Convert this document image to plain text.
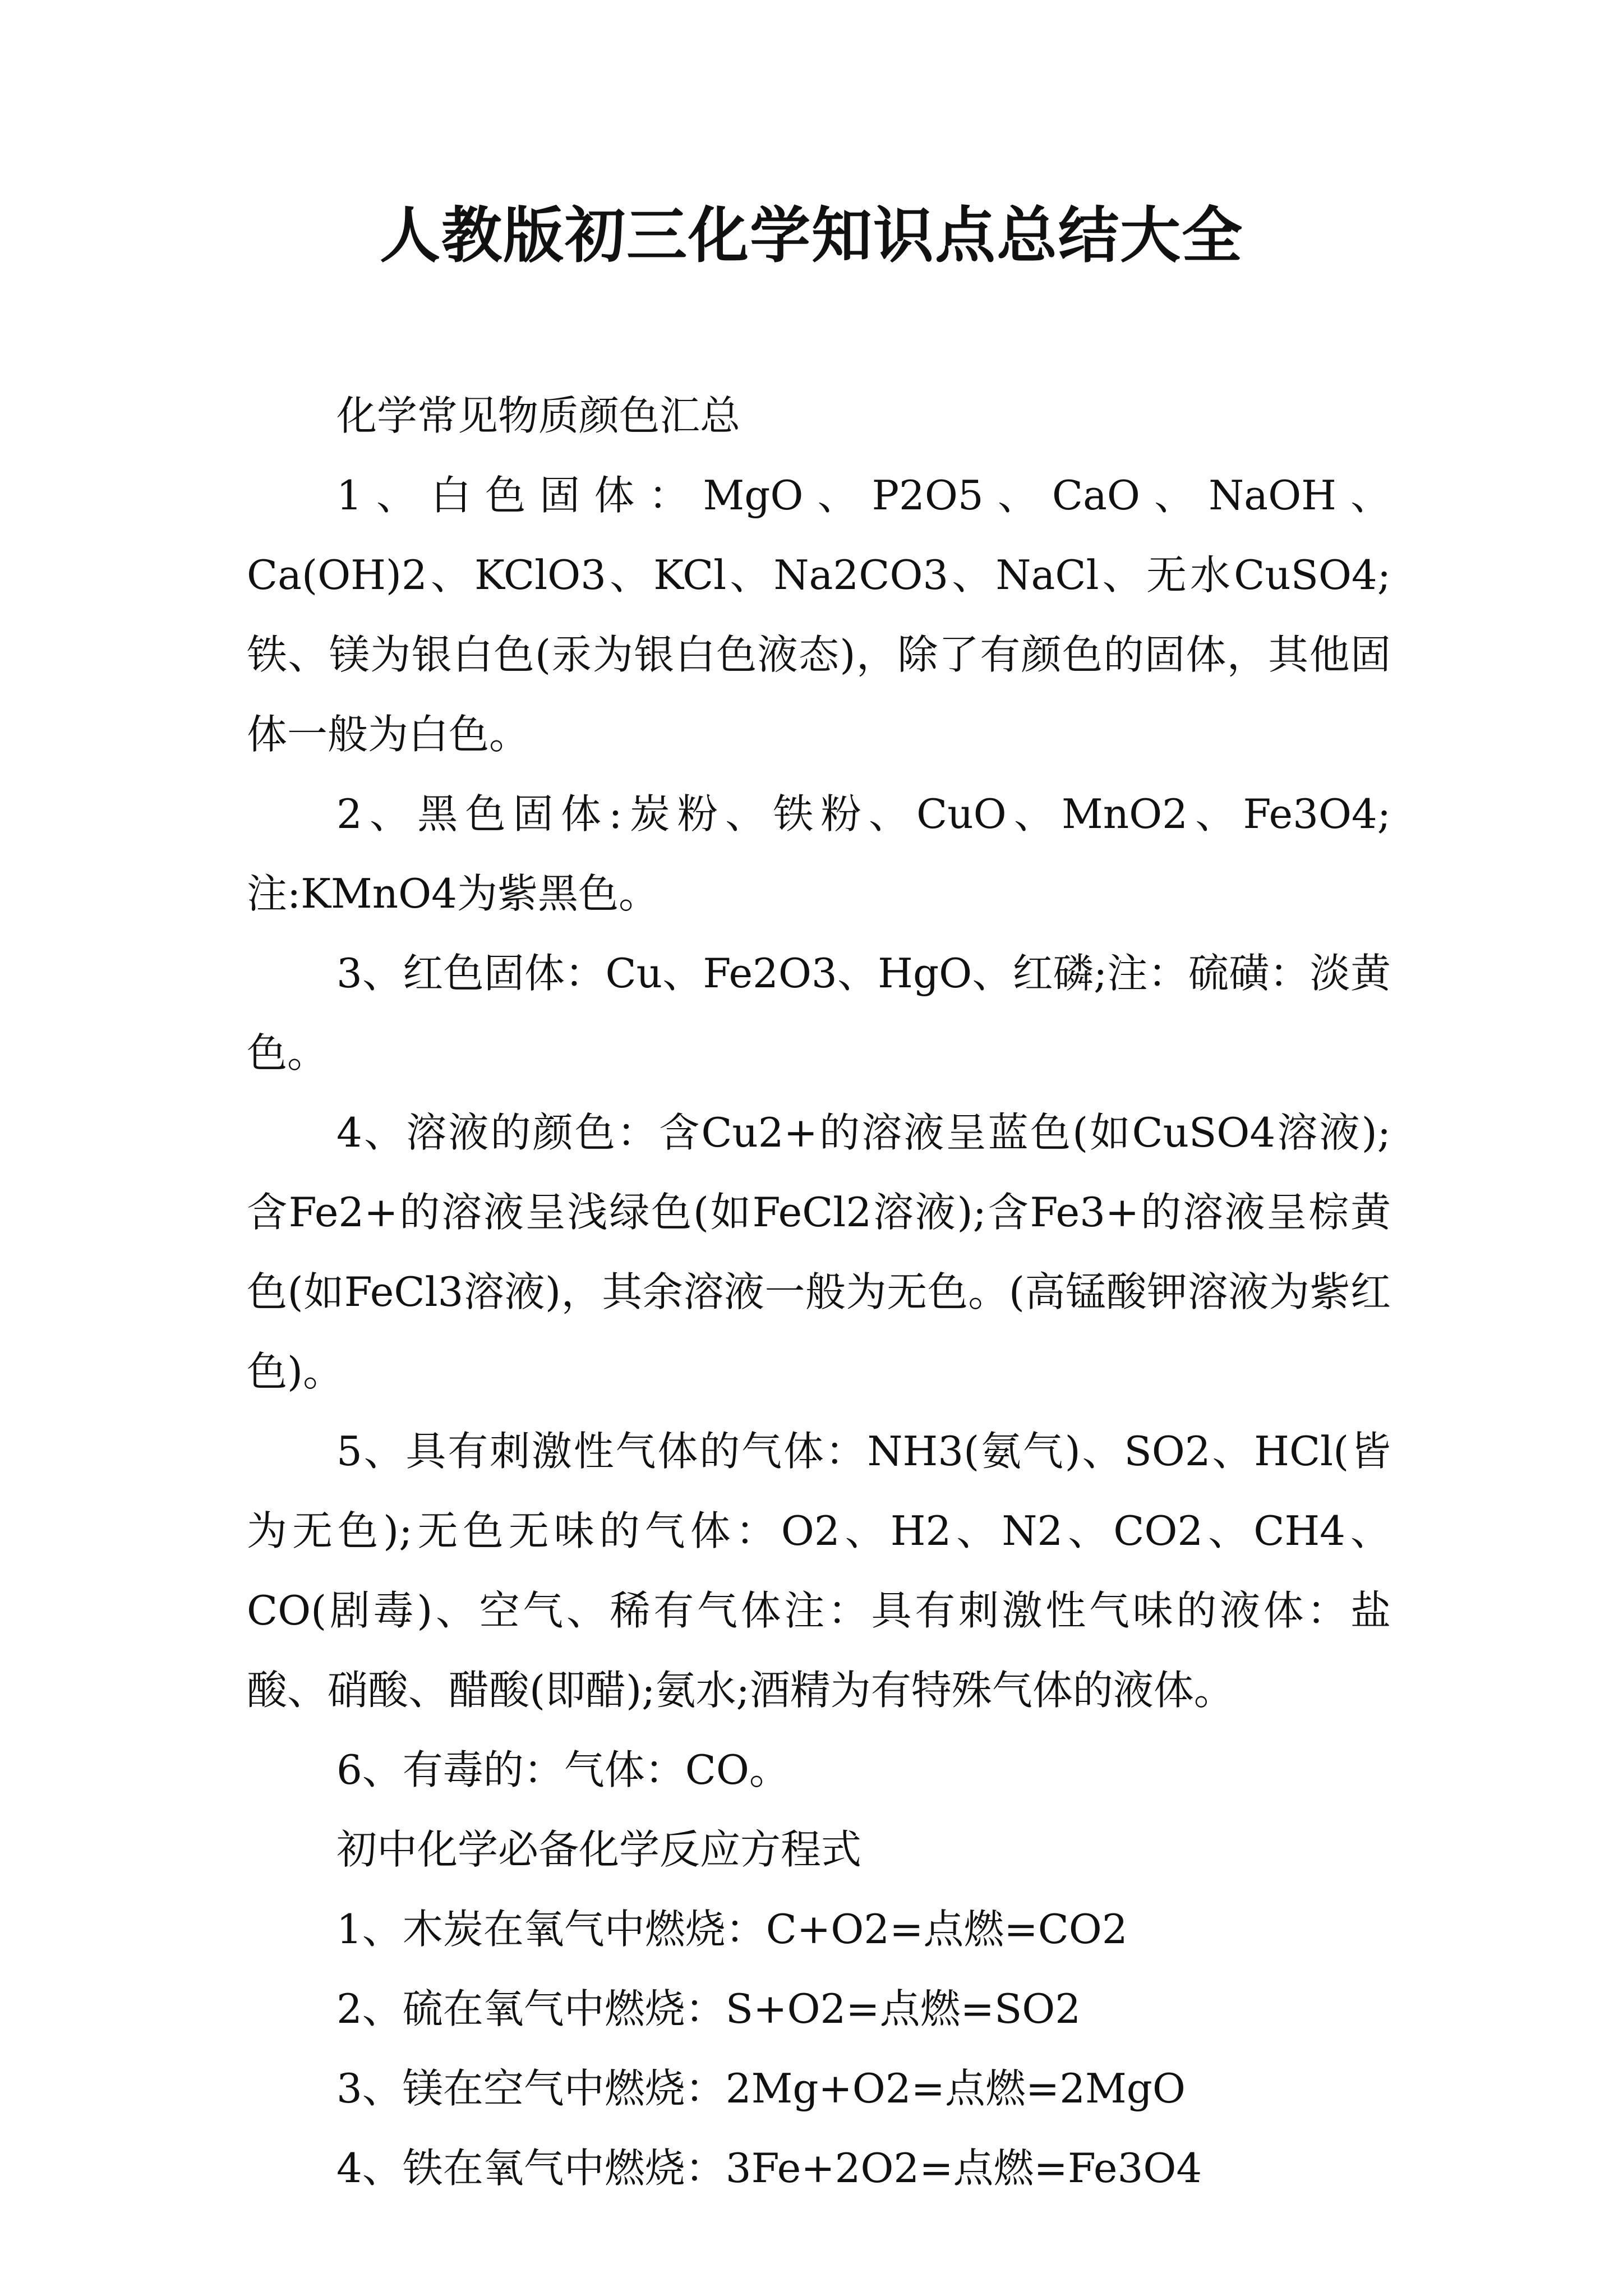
人教版初三化学知识点总结大全

化学常见物质颜色汇总

1、白色固体：MgO、P2O5、CaO、NaOH、Ca(OH)2、KClO3、KCl、Na2CO3、NaCl、无水CuSO4;铁、镁为银白色(汞为银白色液态)，除了有颜色的固体，其他固体一般为白色。

2、黑色固体:炭粉、铁粉、CuO、MnO2、Fe3O4;注:KMnO4为紫黑色。

3、红色固体：Cu、Fe2O3、HgO、红磷;注：硫磺：淡黄色。

4、溶液的颜色：含Cu2+的溶液呈蓝色(如CuSO4溶液);含Fe2+的溶液呈浅绿色(如FeCl2溶液);含Fe3+的溶液呈棕黄色(如FeCl3溶液)，其余溶液一般为无色。(高锰酸钾溶液为紫红色)。

5、具有刺激性气体的气体：NH3(氨气)、SO2、HCl(皆为无色);无色无味的气体：O2、H2、N2、CO2、CH4、CO(剧毒)、空气、稀有气体注：具有刺激性气味的液体：盐酸、硝酸、醋酸(即醋);氨水;酒精为有特殊气体的液体。

6、有毒的：气体：CO。

初中化学必备化学反应方程式

1、木炭在氧气中燃烧：C+O2=点燃=CO2

2、硫在氧气中燃烧：S+O2=点燃=SO2

3、镁在空气中燃烧：2Mg+O2=点燃=2MgO

4、铁在氧气中燃烧：3Fe+2O2=点燃=Fe3O4
